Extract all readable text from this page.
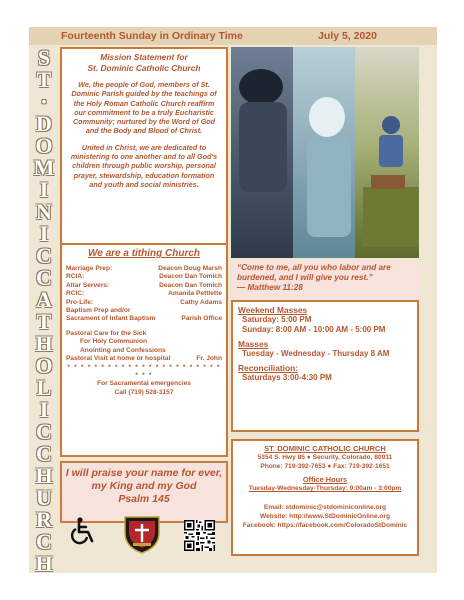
Fourteenth Sunday in Ordinary Time	July 5, 2020
S
T
·
D
O
M
I
N
I
C
C
A
T
H
O
L
I
C
C
H
U
R
C
H
Mission Statement for
St. Dominic Catholic Church

We, the people of God, members of St. Dominic Parish guided by the teachings of the Holy Roman Catholic Church reaffirm our commitment to be a truly Eucharistic Community; nurtured by the Word of God and the Body and Blood of Christ.

United in Christ, we are dedicated to ministering to one another and to all God's children through public worship, personal prayer, stewardship, education formation and youth and social ministries.

We are a tithing Church
Marriage Prep:	Deacon Doug Marsh
RCIA:	Deacon Dan Tomich
Altar Servers:	Deacon Dan Tomich
RCIC:	Amanda Pettlette
Pro-Life:	Cathy Adams
Baptism Prep and/or
Sacrament of Infant Baptism	Parish Office
Pastoral Care for the Sick
For Holy Communion
Anointing and Confessions
Pastoral Visit at home or hospital	Fr. John
* * * * * * * * * * * * * * * * * * * * * * * * * *
For Sacramental emergencies
Call (719) 528-3157
“Come to me, all you who labor and are burdened, and I will give you rest.”
— Matthew 11:28
Weekend Masses
Saturday: 5:00 PM
Sunday: 8:00 AM - 10:00 AM - 5:00 PM
Masses
Tuesday - Wednesday - Thursday 8 AM
Reconciliation:
Saturdays 3:00-4:30 PM
I will praise your name for ever,
my King and my God
Psalm 145
ST. DOMINIC CATHOLIC CHURCH
5354 S. Hwy 85 ● Security, Colorado, 80911
Phone: 719-392-7653 ● Fax: 719-392-1651
Office Hours
Tuesday-Wednesday-Thursday: 9:00am - 3:00pm
Email: stdominic@stdominiconline.org
Website: http://www.StDominicOnline.org
Facebook: https://facebook.com/ColoradoStDominic
